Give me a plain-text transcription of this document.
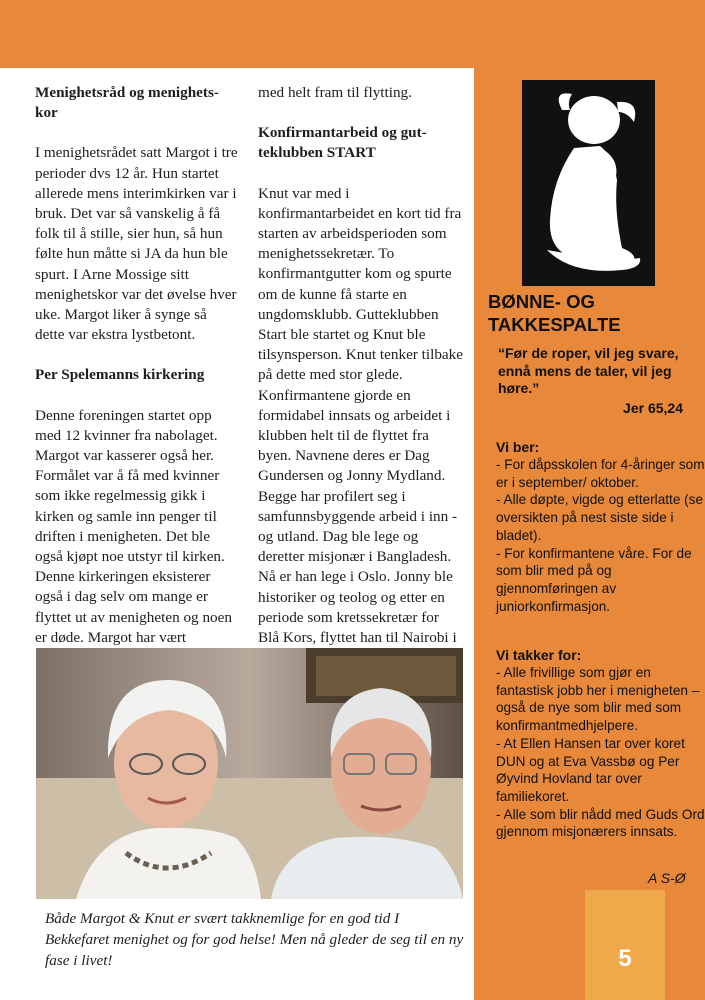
Menighetsråd og menighets-kor

I menighetsrådet satt Margot i tre perioder dvs 12 år. Hun startet allerede mens interimkirken var i bruk. Det var så vanskelig å få folk til å stille, sier hun, så hun følte hun måtte si JA da hun ble spurt. I Arne Mossige sitt menighetskor var det øvelse hver uke. Margot liker å synge så dette var ekstra lystbetont.

Per Spelemanns kirkering

Denne foreningen startet opp med 12 kvinner fra nabolaget. Margot var kasserer også her. Formålet var å få med kvinner som ikke regelmessig gikk i kirken og samle inn penger til driften i menigheten. Det ble også kjøpt noe utstyr til kirken. Denne kirkeringen eksisterer også i dag selv om mange er flyttet ut av menigheten og noen er døde. Margot har vært

med helt fram til flytting.

Konfirmantarbeid og gut-teklubben START

Knut var med i konfirmantarbeidet en kort tid fra starten av arbeidsperioden som menighetssekretær. To konfirmantgutter kom og spurte om de kunne få starte en ungdomsklubb. Gutteklubben Start ble startet og Knut ble tilsynsperson. Knut tenker tilbake på dette med stor glede. Konfirmantene gjorde en formidabel innsats og arbeidet i klubben helt til de flyttet fra byen. Navnene deres er Dag Gundersen og Jonny Mydland. Begge har profilert seg i samfunnsbyggende arbeid i inn - og utland. Dag ble lege og deretter misjonær i Bangladesh. Nå er han lege i Oslo. Jonny ble historiker og teolog og etter en periode som kretssekretær for Blå Kors, flyttet han til Nairobi i

Både Margot & Knut er svært takknemlige for en god tid I Bekkefaret menighet og for god helse! Men nå gleder de seg til en ny fase i livet!
BØNNE- OG TAKKESPALTE
“Før de roper, vil jeg svare, ennå mens de taler, vil jeg høre.”
Jer 65,24
Vi ber:

- For dåpsskolen for 4-åringer som er i september/ oktober.

- Alle døpte, vigde og etterlatte (se oversikten på nest siste side i bladet).

- For konfirmantene våre. For de som blir med på og gjennomføringen av juniorkonfirmasjon.

Vi takker for:

- Alle frivillige som gjør en fantastisk jobb her i menigheten – også de nye som blir med som konfirmantmedhjelpere.

- At Ellen Hansen tar over koret DUN og at Eva Vassbø og Per Øyvind Hovland tar over familiekoret.

- Alle som blir nådd med Guds Ord gjennom misjonærers innsats.

A S-Ø
5
